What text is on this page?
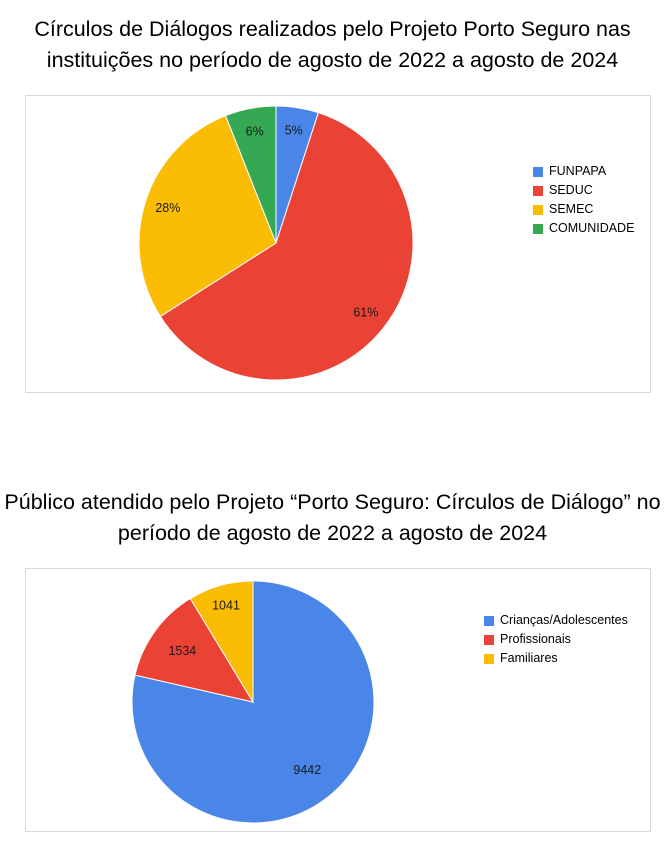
Círculos de Diálogos realizados pelo Projeto Porto Seguro nas instituições no período de agosto de 2022 a agosto de 2024
5%
61%
28%
6%
FUNPAPA
SEDUC
SEMEC
COMUNIDADE
Público atendido pelo Projeto “Porto Seguro: Círculos de Diálogo” no período de agosto de 2022 a agosto de 2024
9442
1534
1041
Crianças/Adolescentes
Profissionais
Familiares
